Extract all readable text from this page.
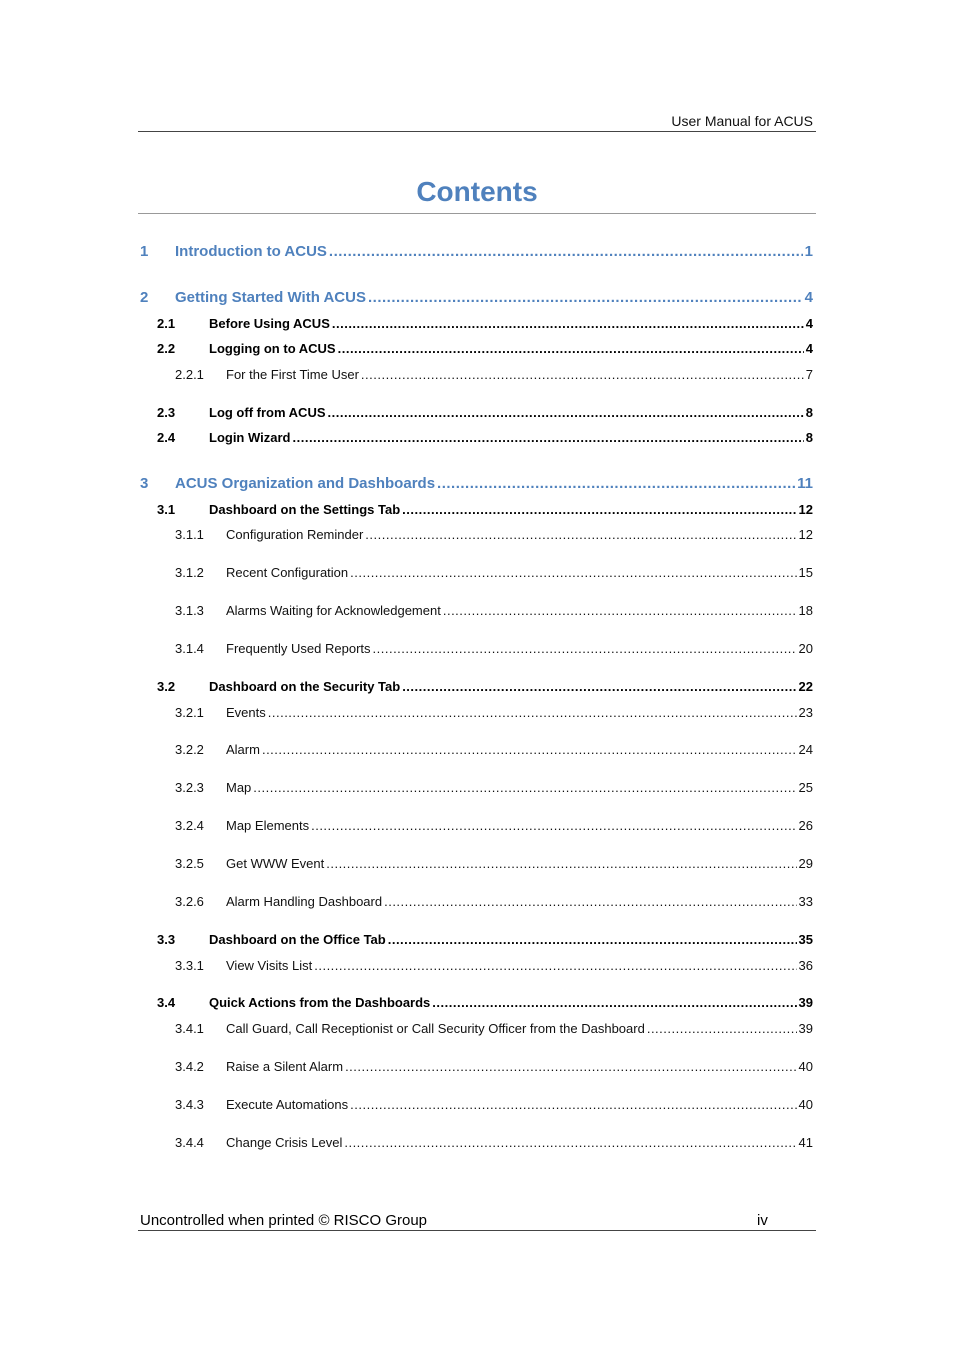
User Manual for ACUS
Contents
1	Introduction to ACUS .....	1
2	Getting Started With ACUS .....	4
2.1	Before Using ACUS .....	4
2.2	Logging on to ACUS .....	4
2.2.1	For the First Time User .....	7
2.3	Log off from ACUS .....	8
2.4	Login Wizard .....	8
3	ACUS Organization and Dashboards .....	11
3.1	Dashboard on the Settings Tab .....	12
3.1.1	Configuration Reminder .....	12
3.1.2	Recent Configuration .....	15
3.1.3	Alarms Waiting for Acknowledgement .....	18
3.1.4	Frequently Used Reports .....	20
3.2	Dashboard on the Security Tab .....	22
3.2.1	Events .....	23
3.2.2	Alarm .....	24
3.2.3	Map .....	25
3.2.4	Map Elements .....	26
3.2.5	Get WWW Event .....	29
3.2.6	Alarm Handling Dashboard .....	33
3.3	Dashboard on the Office Tab .....	35
3.3.1	View Visits List .....	36
3.4	Quick Actions from the Dashboards .....	39
3.4.1	Call Guard, Call Receptionist or Call Security Officer from the Dashboard .....	39
3.4.2	Raise a Silent Alarm .....	40
3.4.3	Execute Automations .....	40
3.4.4	Change Crisis Level .....	41
Uncontrolled when printed © RISCO Group	iv
